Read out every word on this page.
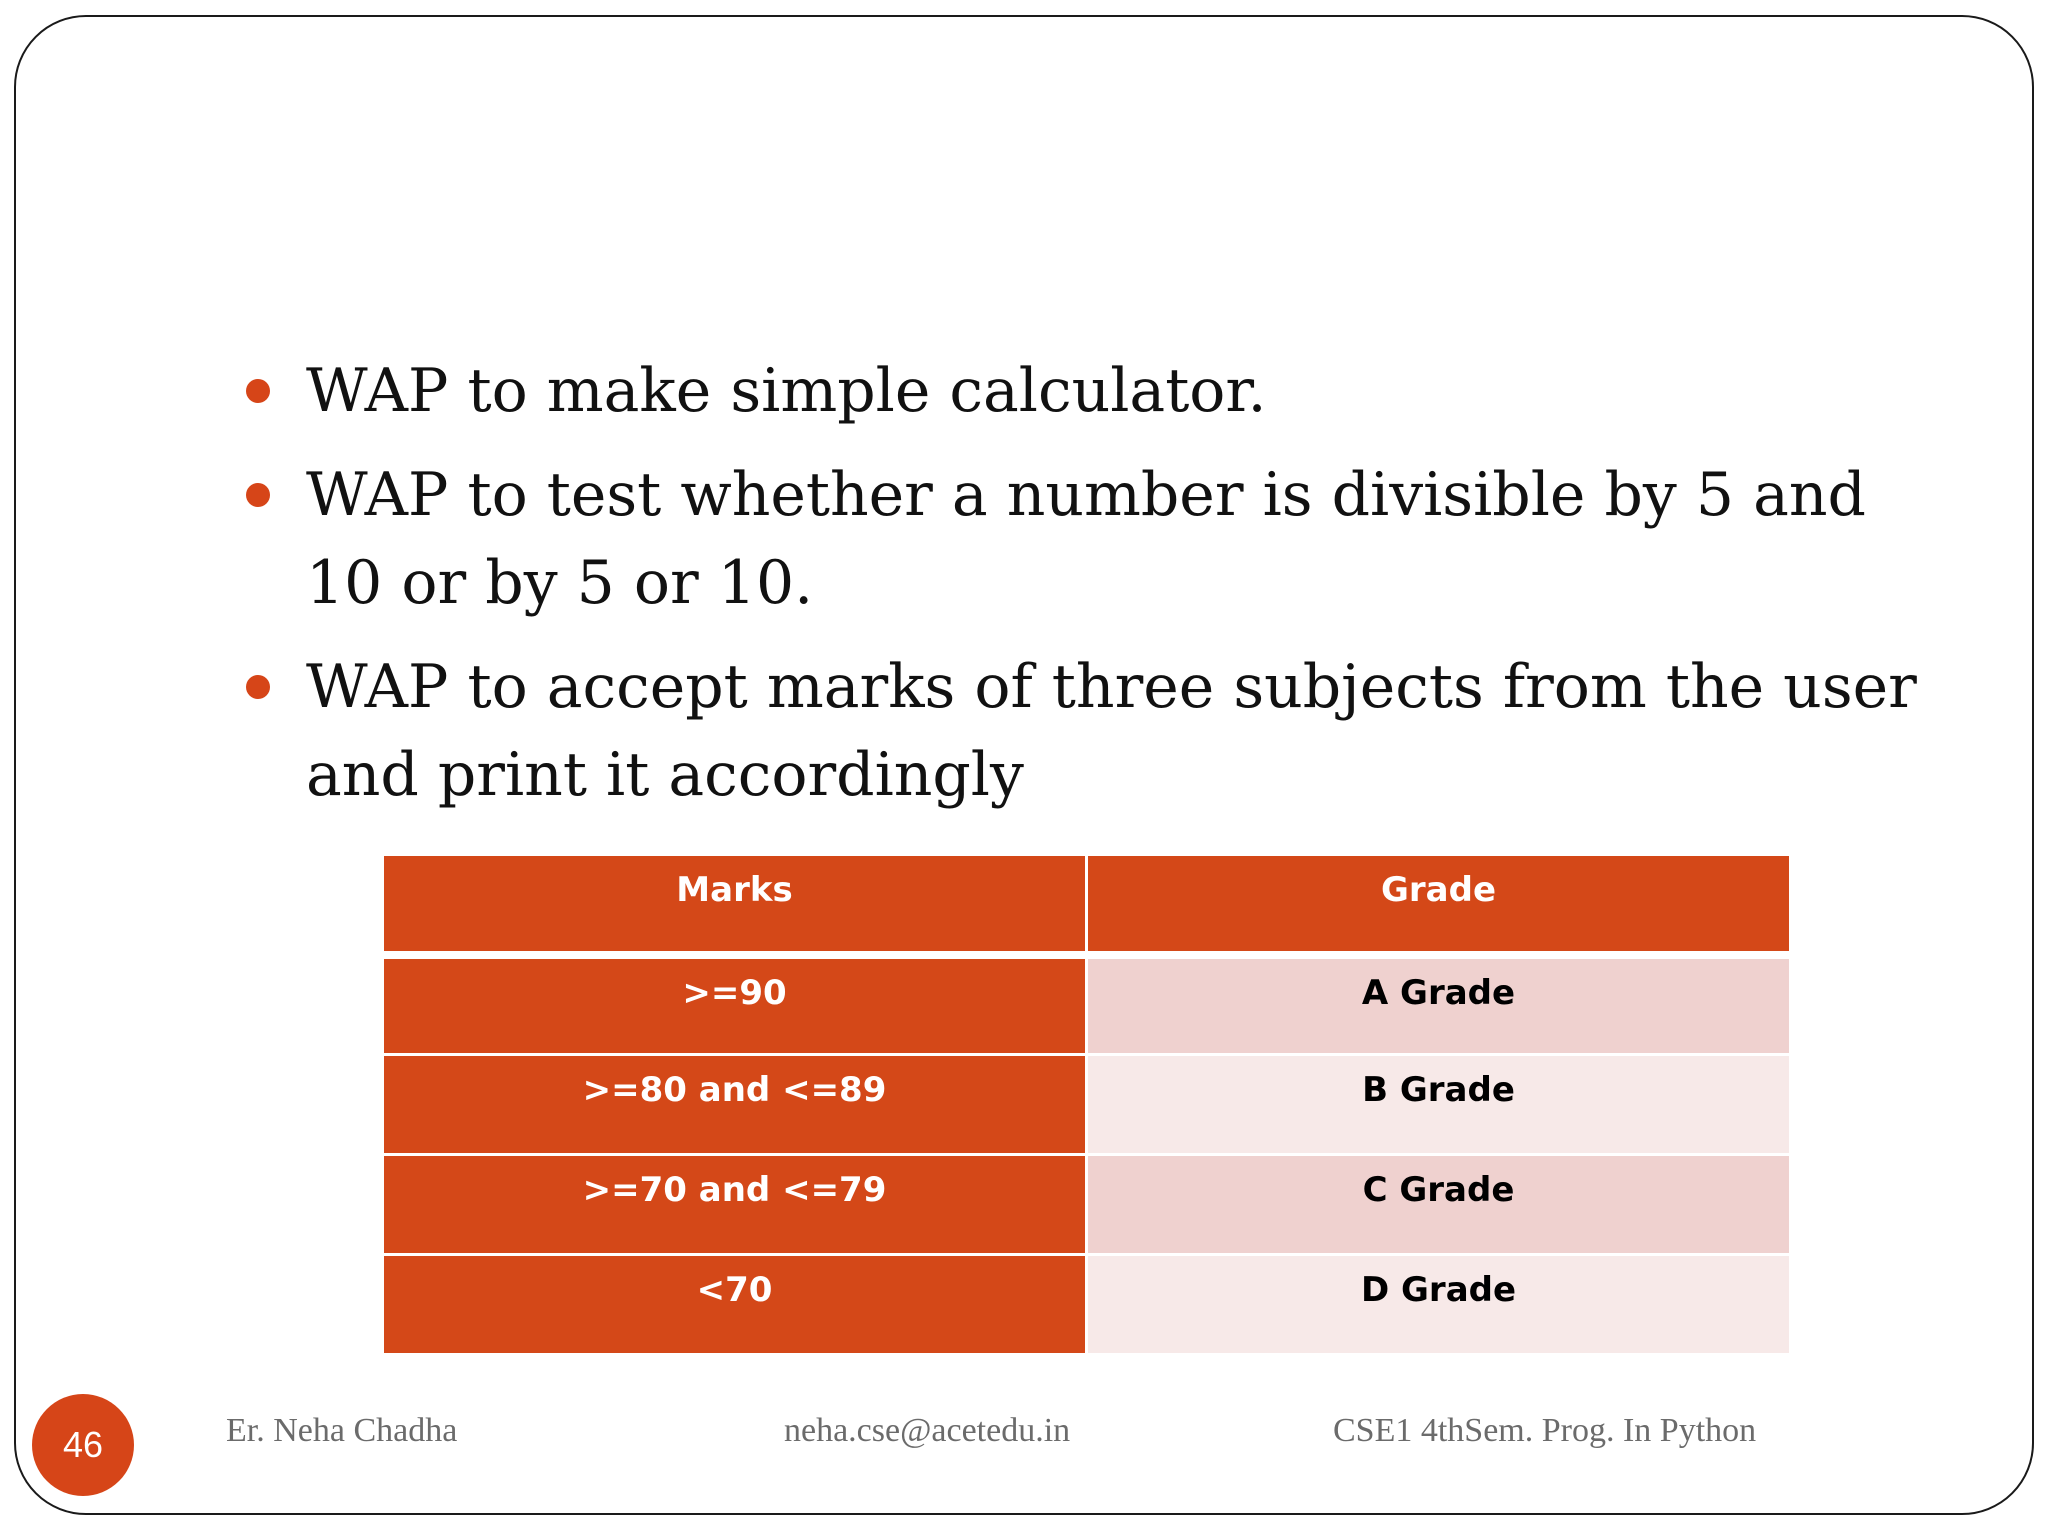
WAP to make simple calculator.
WAP to test whether a number is divisible by 5 and 10 or by 5 or 10.
WAP to accept marks of three subjects from the user and print it accordingly
Marks	Grade
>=90	A Grade
>=80 and <=89	B Grade
>=70 and <=79	C Grade
<70	D Grade
46	Er. Neha Chadha	neha.cse@acetedu.in	CSE1 4thSem. Prog. In Python
